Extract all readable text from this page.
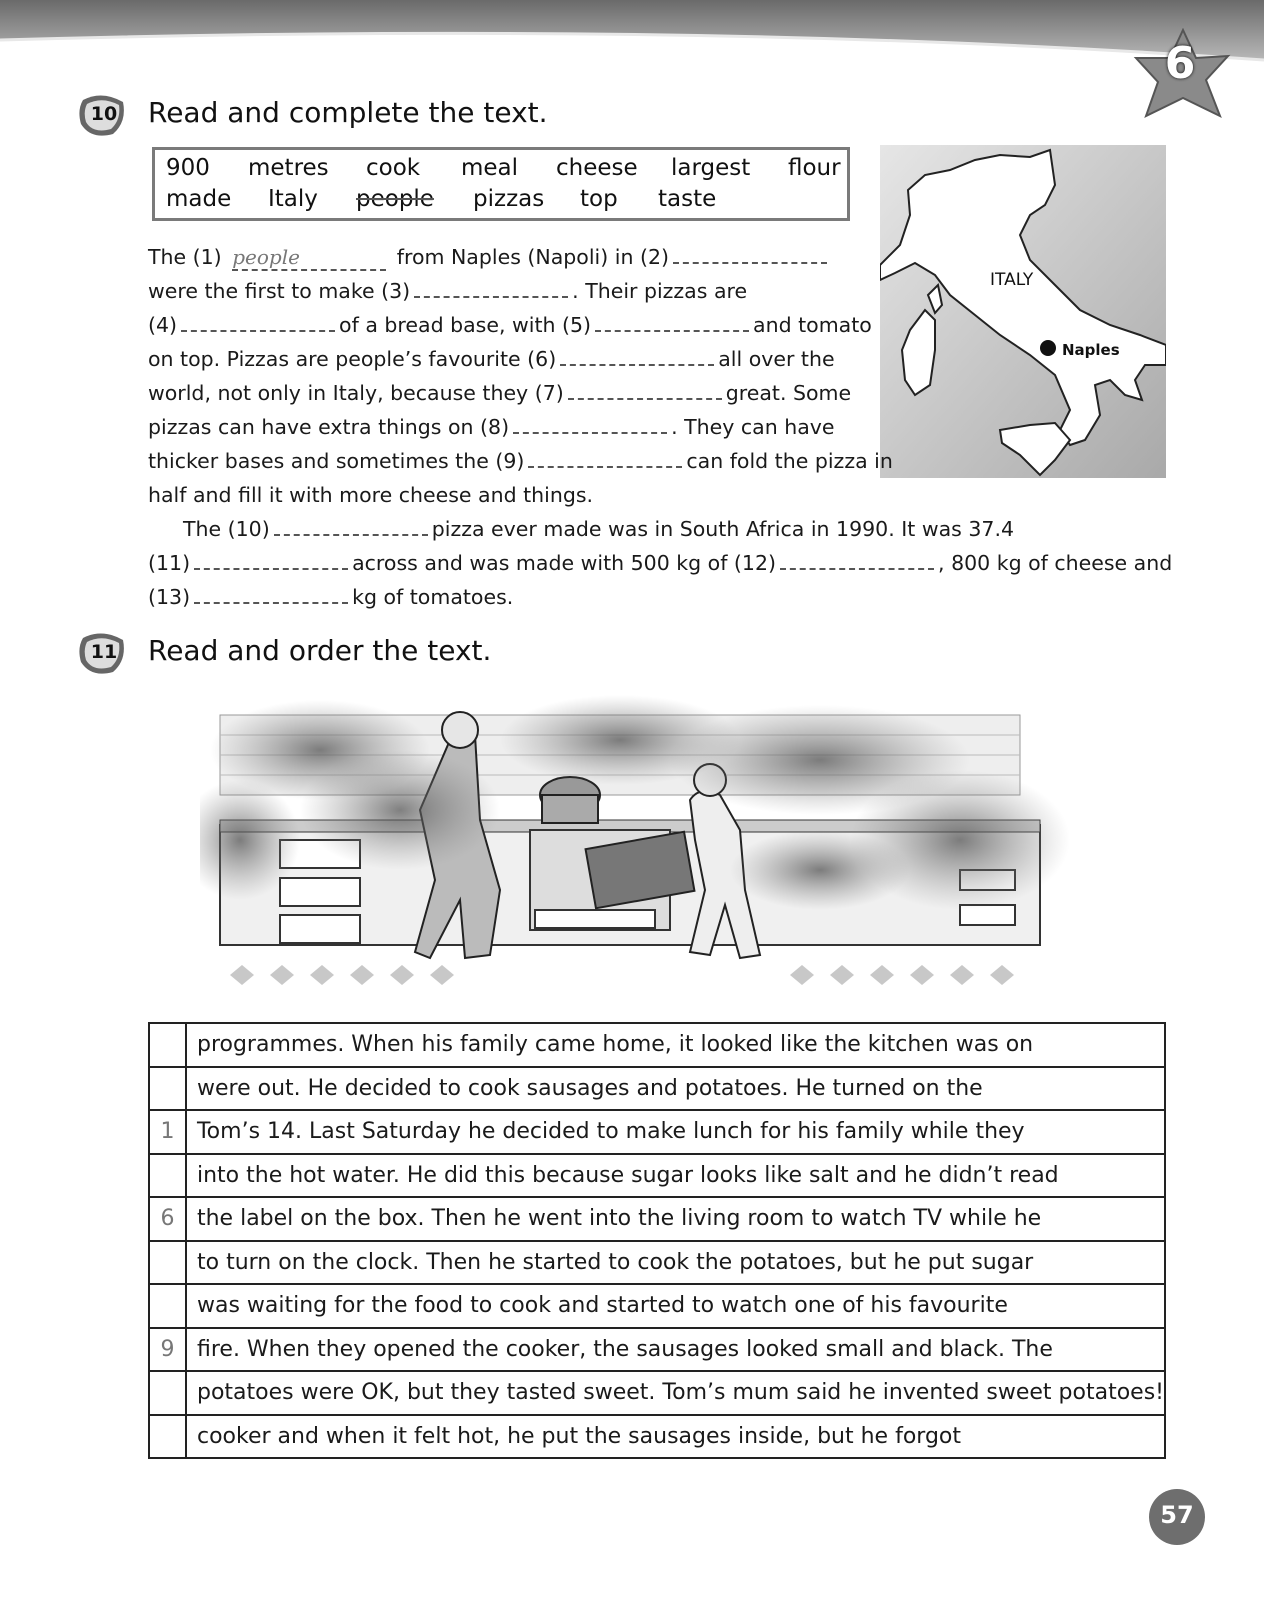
6
10	Read and complete the text.
900 metres cook meal cheese largest flour
made Italy people pizzas top taste
ITALY
Naples
The (1) people	from Naples (Napoli) in (2)
were the first to make (3)	. Their pizzas are
(4)	of a bread base, with (5)	and tomato
on top. Pizzas are people’s favourite (6)	all over the
world, not only in Italy, because they (7)	great. Some
pizzas can have extra things on (8)	. They can have
thicker bases and sometimes the (9)	can fold the pizza in
half and fill it with more cheese and things.
The (10)	pizza ever made was in South Africa in 1990. It was 37.4
(11)	across and was made with 500 kg of (12)	, 800 kg of cheese and
(13)	kg of tomatoes.
11	Read and order the text.
	programmes. When his family came home, it looked like the kitchen was on
	were out. He decided to cook sausages and potatoes. He turned on the
1	Tom’s 14. Last Saturday he decided to make lunch for his family while they
	into the hot water. He did this because sugar looks like salt and he didn’t read
6	the label on the box. Then he went into the living room to watch TV while he
	to turn on the clock. Then he started to cook the potatoes, but he put sugar
	was waiting for the food to cook and started to watch one of his favourite
9	fire. When they opened the cooker, the sausages looked small and black. The
	potatoes were OK, but they tasted sweet. Tom’s mum said he invented sweet potatoes!
	cooker and when it felt hot, he put the sausages inside, but he forgot
57
